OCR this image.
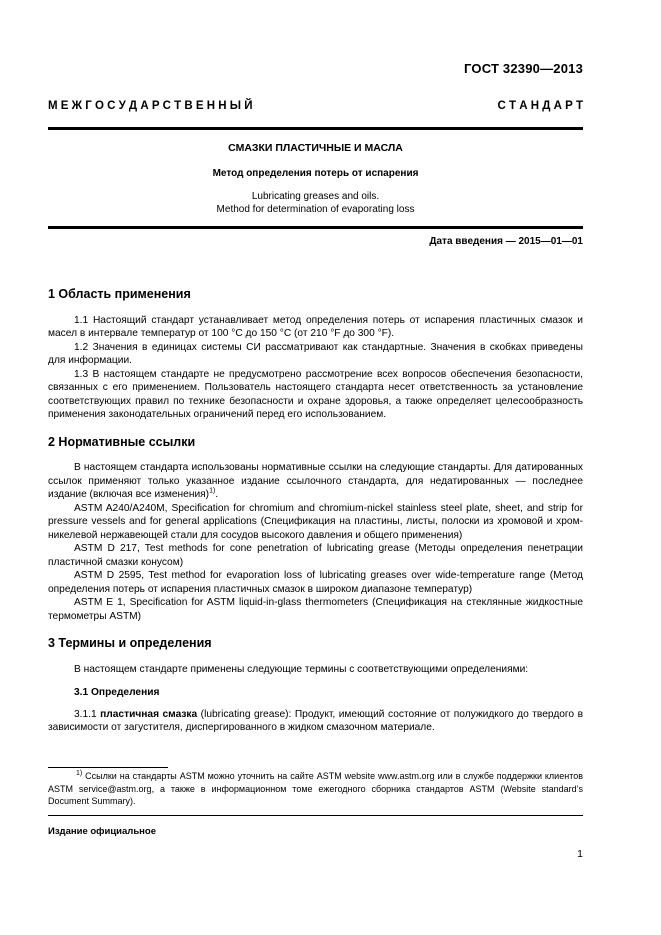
ГОСТ 32390—2013
М Е Ж Г О С У Д А Р С Т В Е Н Н Ы Й	С Т А Н Д А Р Т
СМАЗКИ ПЛАСТИЧНЫЕ И МАСЛА
Метод определения потерь от испарения
Lubricating greases and oils.
Method for determination of evaporating loss
Дата введения — 2015—01—01
1 Область применения

1.1 Настоящий стандарт устанавливает метод определения потерь от испарения пластичных смазок и масел в интервале температур от 100 °С до 150 °С (от 210 °F до 300 °F).

1.2 Значения в единицах системы СИ рассматривают как стандартные. Значения в скобках приведены для информации.

1.3 В настоящем стандарте не предусмотрено рассмотрение всех вопросов обеспечения безопасности, связанных с его применением. Пользователь настоящего стандарта несет ответственность за установление соответствующих правил по технике безопасности и охране здоровья, а также определяет целесообразность применения законодательных ограничений перед его использованием.

2 Нормативные ссылки

В настоящем стандарта использованы нормативные ссылки на следующие стандарты. Для датированных ссылок применяют только указанное издание ссылочного стандарта, для недатированных — последнее издание (включая все изменения)$^{1)}$.

ASTM A240/A240M, Specification for chromium and chromium-nickel stainless steel plate, sheet, and strip for pressure vessels and for general applications (Спецификация на пластины, листы, полоски из хромовой и хром-никелевой нержавеющей стали для сосудов высокого давления и общего применения)

ASTM D 217, Test methods for cone penetration of lubricating grease (Методы определения пенетрации пластичной смазки конусом)

ASTM D 2595, Test method for evaporation loss of lubricating greases over wide-temperature range (Метод определения потерь от испарения пластичных смазок в широком диапазоне температур)

ASTM E 1, Specification for ASTM liquid-in-glass thermometers (Спецификация на стеклянные жидкостные термометры ASTM)

3 Термины и определения

В настоящем стандарте применены следующие термины с соответствующими определениями:

3.1 Определения

3.1.1 пластичная смазка (lubricating grease): Продукт, имеющий состояние от полужидкого до твердого в зависимости от загустителя, диспергированного в жидком смазочном материале.

$^{1)}$ Ссылки на стандарты ASTM можно уточнить на сайте ASTM website www.astm.org или в службе поддержки клиентов ASTM service@astm.org, а также в информационном томе ежегодного сборника стандартов ASTM (Website standard’s Document Summary).
Издание официальное
1
